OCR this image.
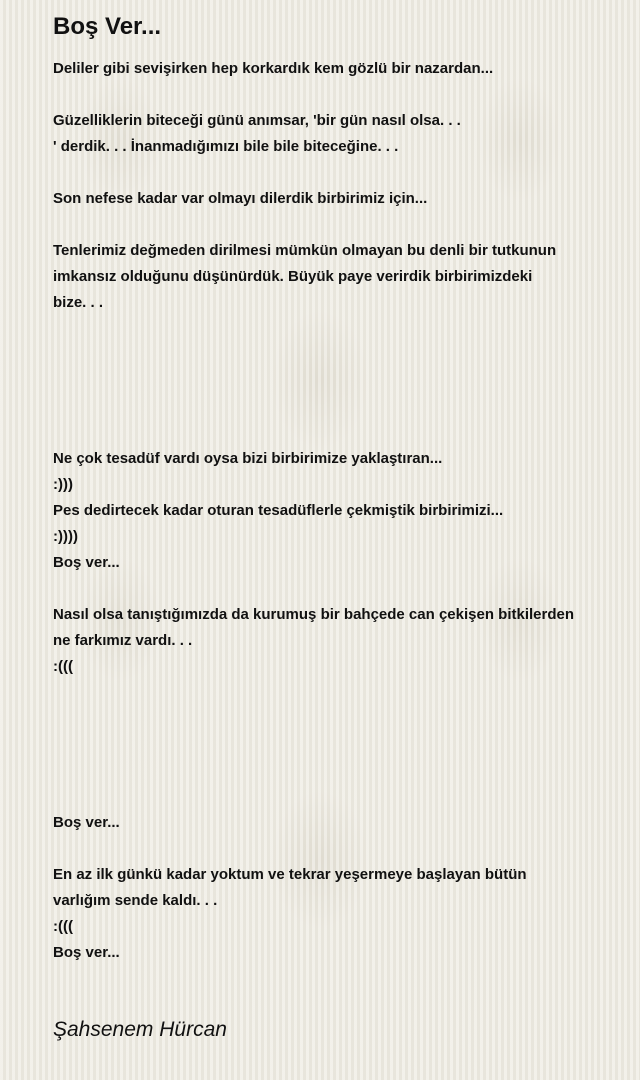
Boş Ver...
Deliler gibi sevişirken hep korkardık kem gözlü bir nazardan...
Güzelliklerin biteceği günü anımsar, 'bir gün nasıl olsa. . .
' derdik. . . İnanmadığımızı bile bile biteceğine. . .
Son nefese kadar var olmayı dilerdik birbirimiz için...
Tenlerimiz değmeden dirilmesi mümkün olmayan bu denli bir tutkunun
imkansız olduğunu düşünürdük. Büyük paye verirdik birbirimizdeki
bize. . .
Ne çok tesadüf vardı oysa bizi birbirimize yaklaştıran...
:)))
Pes dedirtecek kadar oturan tesadüflerle çekmiştik birbirimizi...
:))))
Boş ver...
Nasıl olsa tanıştığımızda da kurumuş bir bahçede can çekişen bitkilerden
ne farkımız vardı. . .
:(((
Boş ver...
En az ilk günkü kadar yoktum ve tekrar yeşermeye başlayan bütün
varlığım sende kaldı. . .
:(((
Boş ver...

Şahsenem Hürcan
